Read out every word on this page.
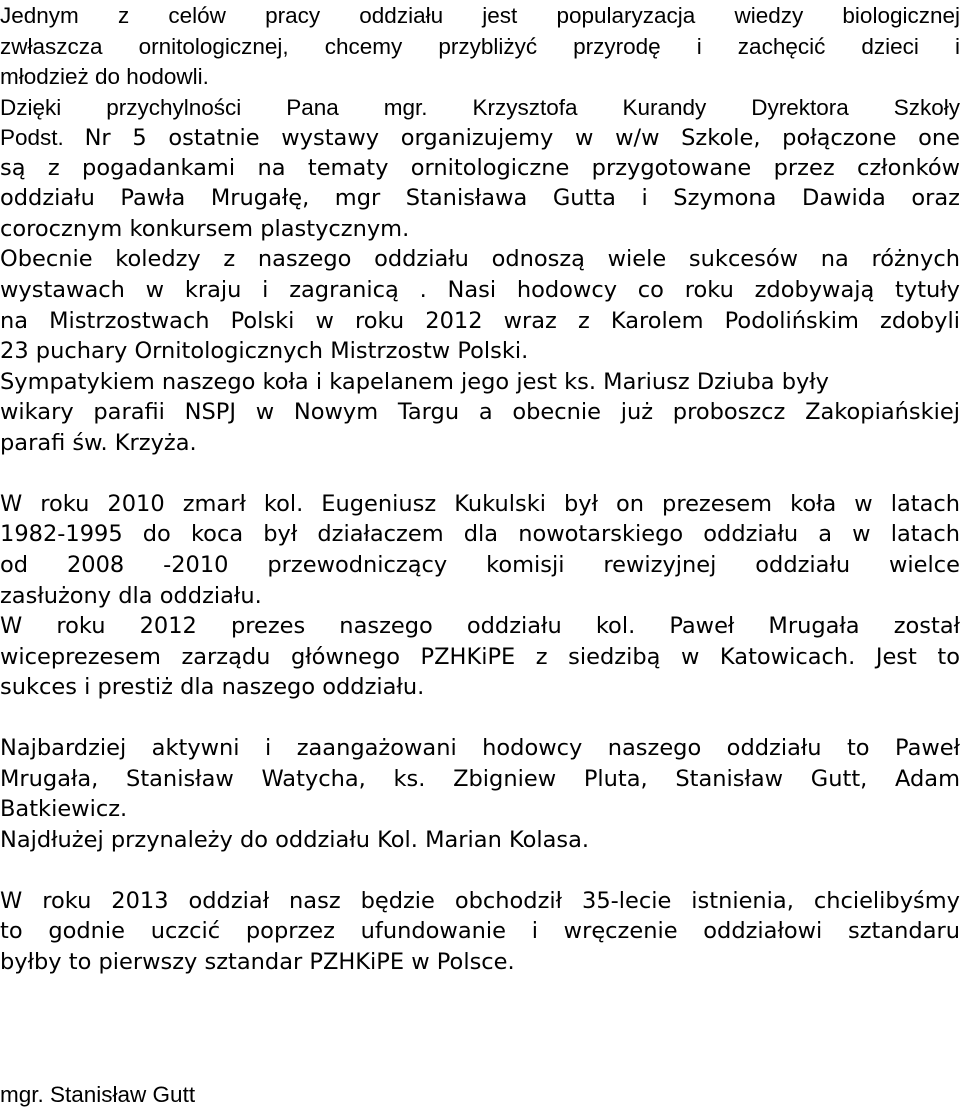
Jednym z celów pracy oddziału jest popularyzacja wiedzy biologicznej
zwłaszcza ornitologicznej, chcemy przybliżyć przyrodę i zachęcić dzieci i
młodzież do hodowli.
Dzięki przychylności Pana mgr. Krzysztofa Kurandy Dyrektora Szkoły
Podst. Nr 5 ostatnie wystawy organizujemy w w/w Szkole, połączone one
są z pogadankami na tematy ornitologiczne przygotowane przez członków
oddziału Pawła Mrugałę, mgr Stanisława Gutta i Szymona Dawida oraz
corocznym konkursem plastycznym.
Obecnie koledzy z naszego oddziału odnoszą wiele sukcesów na różnych
wystawach w kraju i zagranicą . Nasi hodowcy co roku zdobywają tytuły
na Mistrzostwach Polski w roku 2012 wraz z Karolem Podolińskim zdobyli
23 puchary Ornitologicznych Mistrzostw Polski.
Sympatykiem naszego koła i kapelanem jego jest ks. Mariusz Dziuba były
wikary parafii NSPJ w Nowym Targu a obecnie już proboszcz Zakopiańskiej
parafi św. Krzyża.
W roku 2010 zmarł kol. Eugeniusz Kukulski był on prezesem koła w latach
1982-1995 do koca był działaczem dla nowotarskiego oddziału a w latach
od 2008 -2010 przewodniczący komisji rewizyjnej oddziału wielce
zasłużony dla oddziału.
W roku 2012 prezes naszego oddziału kol. Paweł Mrugała został
wiceprezesem zarządu głównego PZHKiPE z siedzibą w Katowicach. Jest to
sukces i prestiż dla naszego oddziału.
Najbardziej aktywni i zaangażowani hodowcy naszego oddziału to Paweł
Mrugała, Stanisław Watycha, ks. Zbigniew Pluta, Stanisław Gutt, Adam
Batkiewicz.
Najdłużej przynależy do oddziału Kol. Marian Kolasa.
W roku 2013 oddział nasz będzie obchodził 35-lecie istnienia, chcielibyśmy
to godnie uczcić poprzez ufundowanie i wręczenie oddziałowi sztandaru
byłby to pierwszy sztandar PZHKiPE w Polsce.
mgr. Stanisław Gutt
